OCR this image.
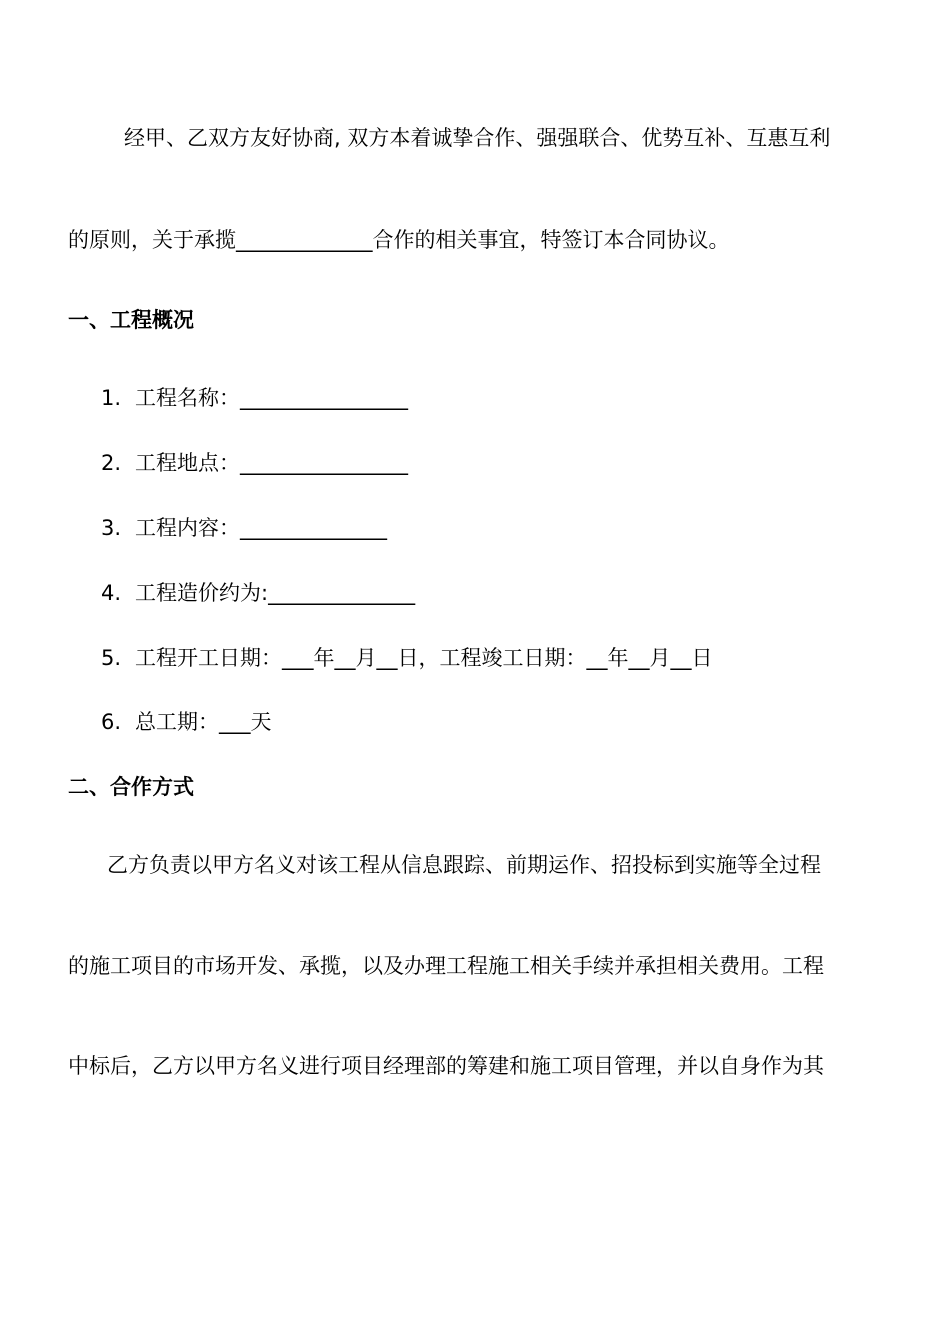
经甲、乙双方友好协商, 双方本着诚挚合作、强强联合、优势互补、互惠互利
的原则，关于承揽_____________合作的相关事宜，特签订本合同协议。
一、工程概况
1. 工程名称：________________
2. 工程地点：________________
3. 工程内容：______________
4. 工程造价约为:______________
5. 工程开工日期：___年__月__日，工程竣工日期：__年__月__日
6. 总工期：___天
二、合作方式
乙方负责以甲方名义对该工程从信息跟踪、前期运作、招投标到实施等全过程
的施工项目的市场开发、承揽，以及办理工程施工相关手续并承担相关费用。工程
中标后，乙方以甲方名义进行项目经理部的筹建和施工项目管理，并以自身作为其
